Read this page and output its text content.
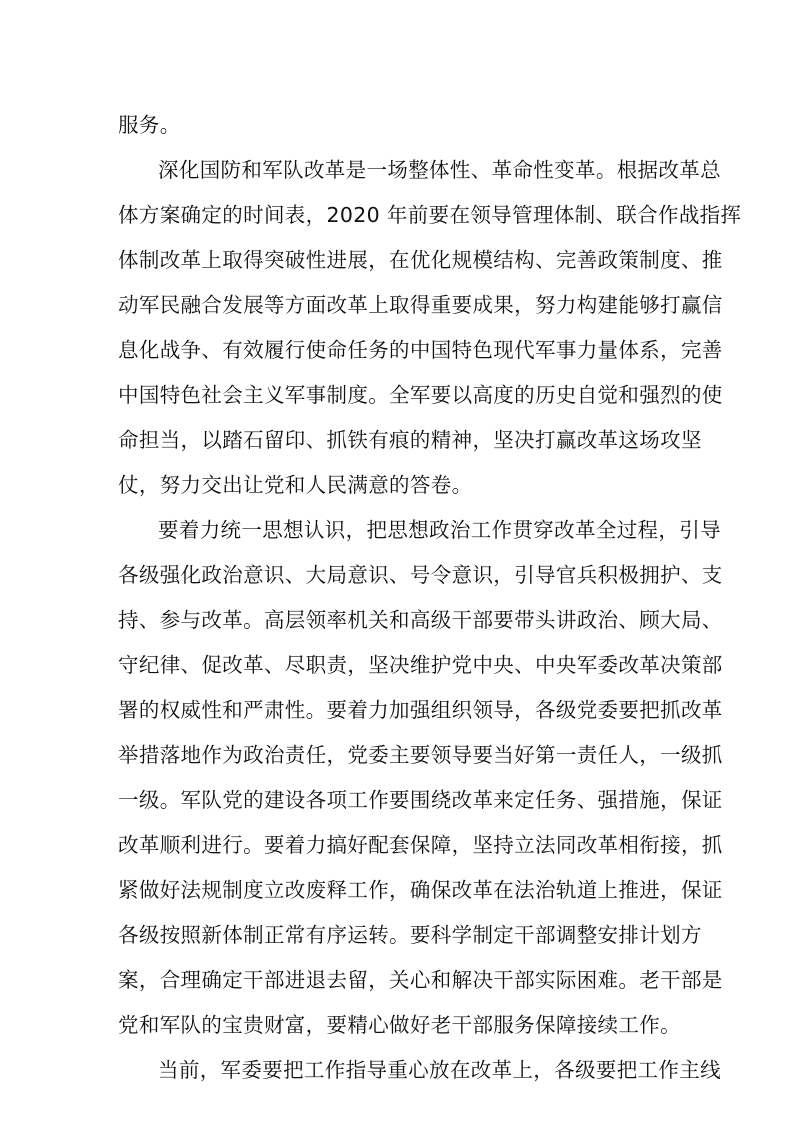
服务。
深化国防和军队改革是一场整体性、革命性变革。根据改革总
体方案确定的时间表，2020 年前要在领导管理体制、联合作战指挥
体制改革上取得突破性进展，在优化规模结构、完善政策制度、推
动军民融合发展等方面改革上取得重要成果，努力构建能够打赢信
息化战争、有效履行使命任务的中国特色现代军事力量体系，完善
中国特色社会主义军事制度。全军要以高度的历史自觉和强烈的使
命担当，以踏石留印、抓铁有痕的精神，坚决打赢改革这场攻坚
仗，努力交出让党和人民满意的答卷。
要着力统一思想认识，把思想政治工作贯穿改革全过程，引导
各级强化政治意识、大局意识、号令意识，引导官兵积极拥护、支
持、参与改革。高层领率机关和高级干部要带头讲政治、顾大局、
守纪律、促改革、尽职责，坚决维护党中央、中央军委改革决策部
署的权威性和严肃性。要着力加强组织领导，各级党委要把抓改革
举措落地作为政治责任，党委主要领导要当好第一责任人，一级抓
一级。军队党的建设各项工作要围绕改革来定任务、强措施，保证
改革顺利进行。要着力搞好配套保障，坚持立法同改革相衔接，抓
紧做好法规制度立改废释工作，确保改革在法治轨道上推进，保证
各级按照新体制正常有序运转。要科学制定干部调整安排计划方
案，合理确定干部进退去留，关心和解决干部实际困难。老干部是
党和军队的宝贵财富，要精心做好老干部服务保障接续工作。
当前，军委要把工作指导重心放在改革上，各级要把工作主线
